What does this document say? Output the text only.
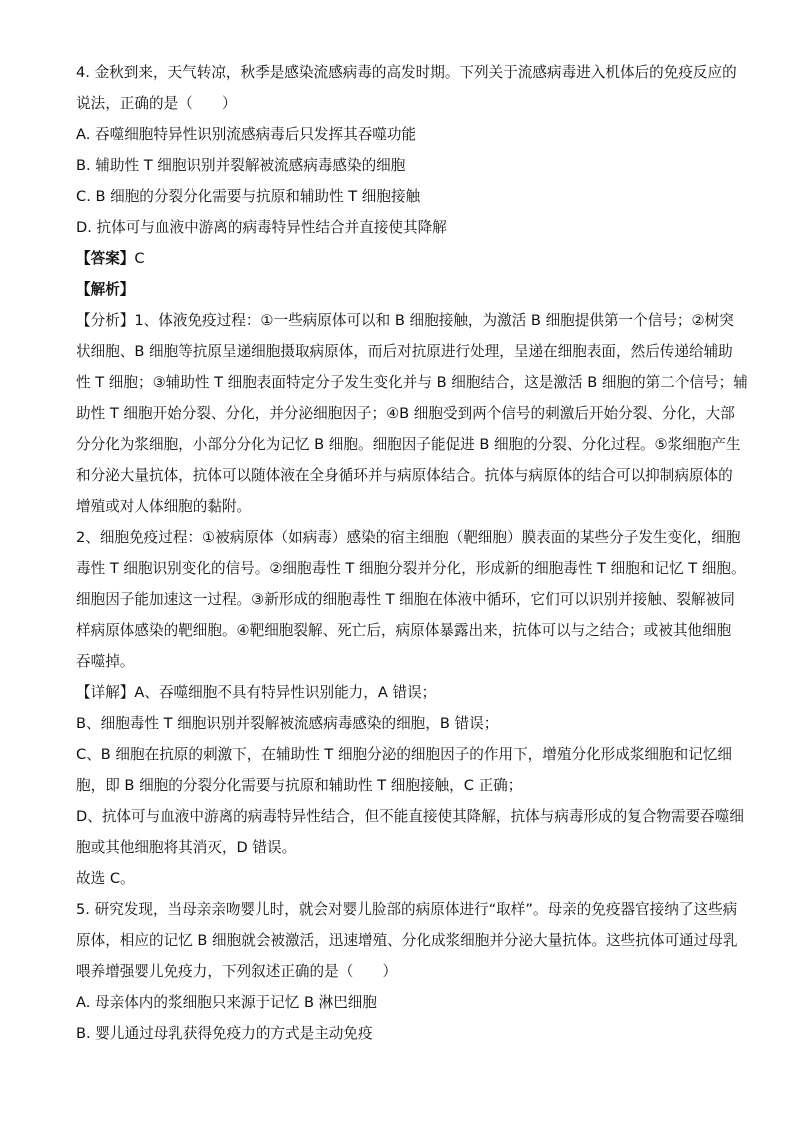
4. 金秋到来，天气转凉，秋季是感染流感病毒的高发时期。下列关于流感病毒进入机体后的免疫反应的
说法，正确的是（　　）
A. 吞噬细胞特异性识别流感病毒后只发挥其吞噬功能
B. 辅助性 T 细胞识别并裂解被流感病毒感染的细胞
C. B 细胞的分裂分化需要与抗原和辅助性 T 细胞接触
D. 抗体可与血液中游离的病毒特异性结合并直接使其降解
【答案】C
【解析】
【分析】1、体液免疫过程：①一些病原体可以和 B 细胞接触，为激活 B 细胞提供第一个信号；②树突
状细胞、B 细胞等抗原呈递细胞摄取病原体，而后对抗原进行处理，呈递在细胞表面，然后传递给辅助
性 T 细胞；③辅助性 T 细胞表面特定分子发生变化并与 B 细胞结合，这是激活 B 细胞的第二个信号；辅
助性 T 细胞开始分裂、分化，并分泌细胞因子；④B 细胞受到两个信号的刺激后开始分裂、分化，大部
分分化为浆细胞，小部分分化为记忆 B 细胞。细胞因子能促进 B 细胞的分裂、分化过程。⑤浆细胞产生
和分泌大量抗体，抗体可以随体液在全身循环并与病原体结合。抗体与病原体的结合可以抑制病原体的
增殖或对人体细胞的黏附。
2、细胞免疫过程：①被病原体（如病毒）感染的宿主细胞（靶细胞）膜表面的某些分子发生变化，细胞
毒性 T 细胞识别变化的信号。②细胞毒性 T 细胞分裂并分化，形成新的细胞毒性 T 细胞和记忆 T 细胞。
细胞因子能加速这一过程。③新形成的细胞毒性 T 细胞在体液中循环，它们可以识别并接触、裂解被同
样病原体感染的靶细胞。④靶细胞裂解、死亡后，病原体暴露出来，抗体可以与之结合；或被其他细胞
吞噬掉。
【详解】A、吞噬细胞不具有特异性识别能力，A 错误；
B、细胞毒性 T 细胞识别并裂解被流感病毒感染的细胞，B 错误；
C、B 细胞在抗原的刺激下，在辅助性 T 细胞分泌的细胞因子的作用下，增殖分化形成浆细胞和记忆细
胞，即 B 细胞的分裂分化需要与抗原和辅助性 T 细胞接触，C 正确；
D、抗体可与血液中游离的病毒特异性结合，但不能直接使其降解，抗体与病毒形成的复合物需要吞噬细
胞或其他细胞将其消灭，D 错误。
故选 C。
5. 研究发现，当母亲亲吻婴儿时，就会对婴儿脸部的病原体进行“取样”。母亲的免疫器官接纳了这些病
原体，相应的记忆 B 细胞就会被激活，迅速增殖、分化成浆细胞并分泌大量抗体。这些抗体可通过母乳
喂养增强婴儿免疫力，下列叙述正确的是（　　）
A. 母亲体内的浆细胞只来源于记忆 B 淋巴细胞
B. 婴儿通过母乳获得免疫力的方式是主动免疫
